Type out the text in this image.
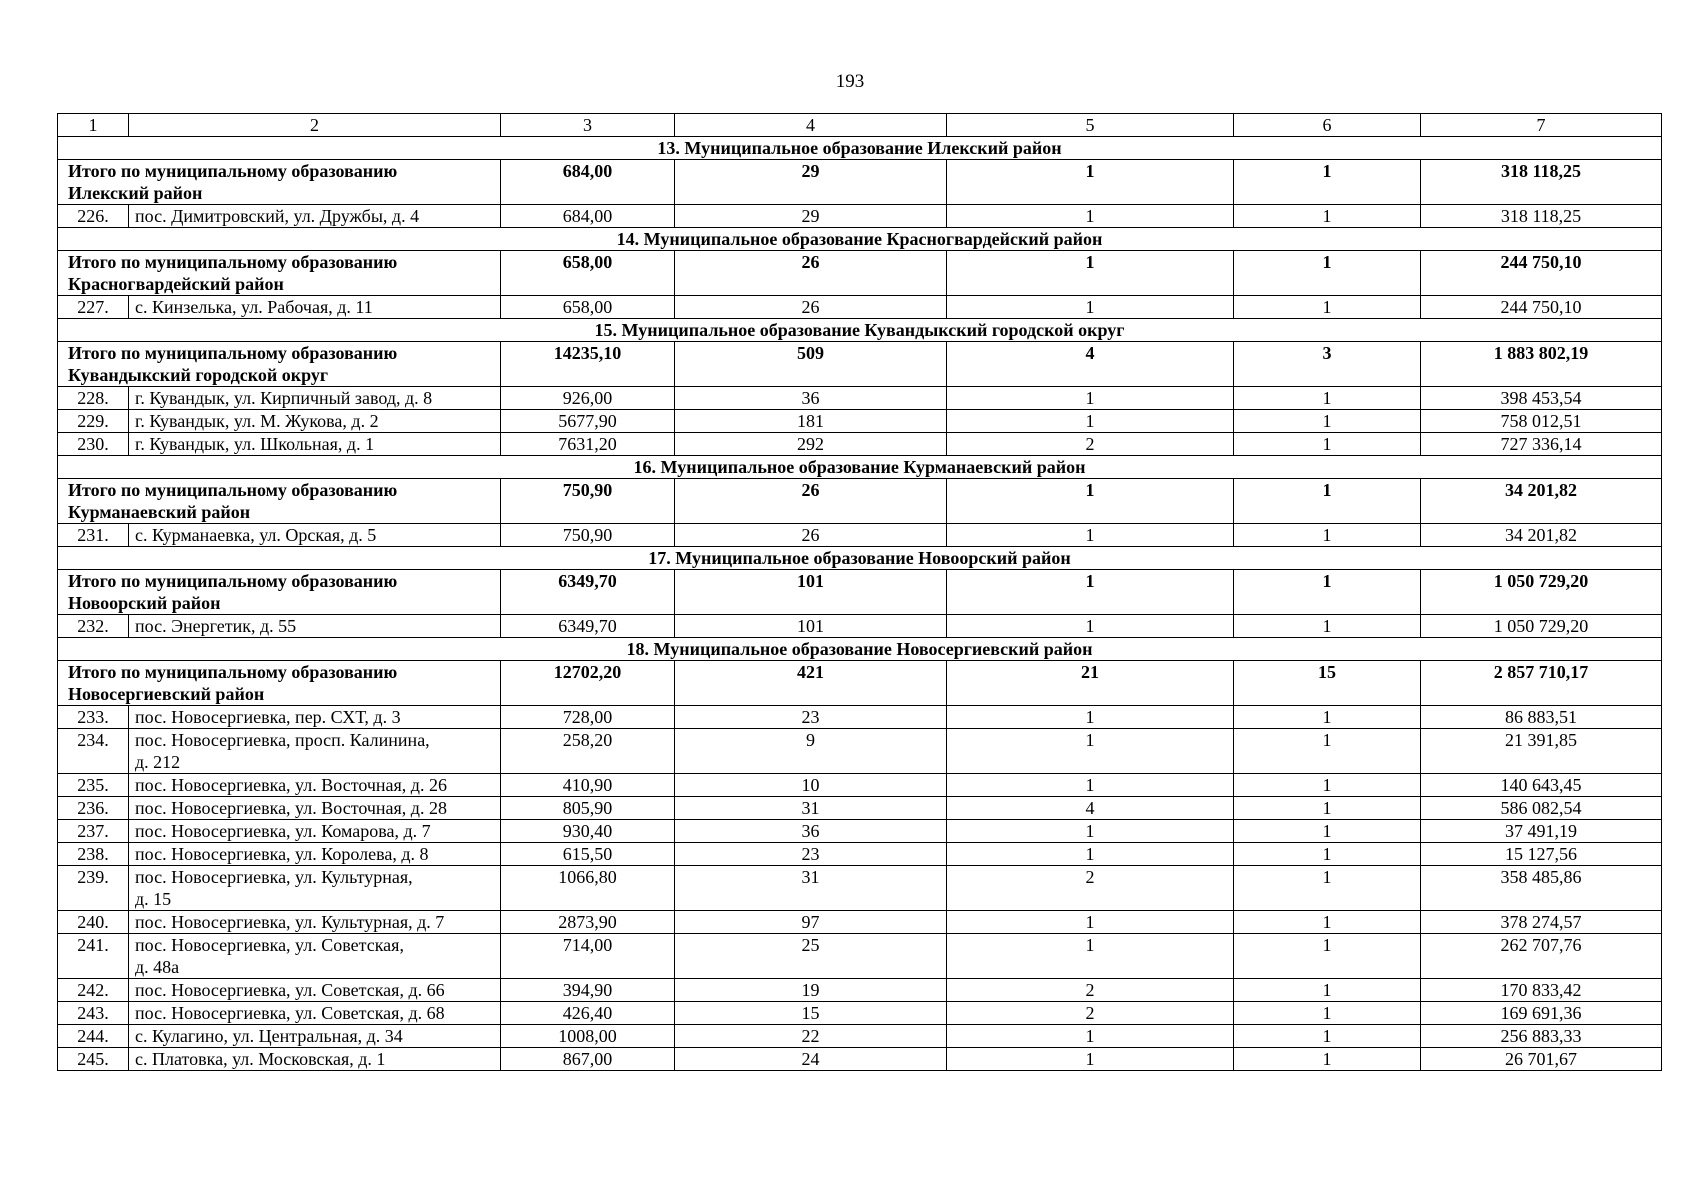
193
1	2	3	4	5	6	7
13. Муниципальное образование Илекский район						
Итого по муниципальному образованию
Илекский район		684,00	29	1	1	318 118,25
226.	пос. Димитровский, ул. Дружбы, д. 4	684,00	29	1	1	318 118,25
14. Муниципальное образование Красногвардейский район						
Итого по муниципальному образованию
Красногвардейский район		658,00	26	1	1	244 750,10
227.	с. Кинзелька, ул. Рабочая, д. 11	658,00	26	1	1	244 750,10
15. Муниципальное образование Кувандыкский городской округ						
Итого по муниципальному образованию
Кувандыкский городской округ		14235,10	509	4	3	1 883 802,19
228.	г. Кувандык, ул. Кирпичный завод, д. 8	926,00	36	1	1	398 453,54
229.	г. Кувандык, ул. М. Жукова, д. 2	5677,90	181	1	1	758 012,51
230.	г. Кувандык, ул. Школьная, д. 1	7631,20	292	2	1	727 336,14
16. Муниципальное образование Курманаевский район						
Итого по муниципальному образованию
Курманаевский район		750,90	26	1	1	34 201,82
231.	с. Курманаевка, ул. Орская, д. 5	750,90	26	1	1	34 201,82
17. Муниципальное образование Новоорский район						
Итого по муниципальному образованию
Новоорский район		6349,70	101	1	1	1 050 729,20
232.	пос. Энергетик, д. 55	6349,70	101	1	1	1 050 729,20
18. Муниципальное образование Новосергиевский район						
Итого по муниципальному образованию
Новосергиевский район		12702,20	421	21	15	2 857 710,17
233.	пос. Новосергиевка, пер. СХТ, д. 3	728,00	23	1	1	86 883,51
234.	пос. Новосергиевка, просп. Калинина,
д. 212	258,20	9	1	1	21 391,85
235.	пос. Новосергиевка, ул. Восточная, д. 26	410,90	10	1	1	140 643,45
236.	пос. Новосергиевка, ул. Восточная, д. 28	805,90	31	4	1	586 082,54
237.	пос. Новосергиевка, ул. Комарова, д. 7	930,40	36	1	1	37 491,19
238.	пос. Новосергиевка, ул. Королева, д. 8	615,50	23	1	1	15 127,56
239.	пос. Новосергиевка, ул. Культурная,
д. 15	1066,80	31	2	1	358 485,86
240.	пос. Новосергиевка, ул. Культурная, д. 7	2873,90	97	1	1	378 274,57
241.	пос. Новосергиевка, ул. Советская,
д. 48а	714,00	25	1	1	262 707,76
242.	пос. Новосергиевка, ул. Советская, д. 66	394,90	19	2	1	170 833,42
243.	пос. Новосергиевка, ул. Советская, д. 68	426,40	15	2	1	169 691,36
244.	с. Кулагино, ул. Центральная, д. 34	1008,00	22	1	1	256 883,33
245.	с. Платовка, ул. Московская, д. 1	867,00	24	1	1	26 701,67
